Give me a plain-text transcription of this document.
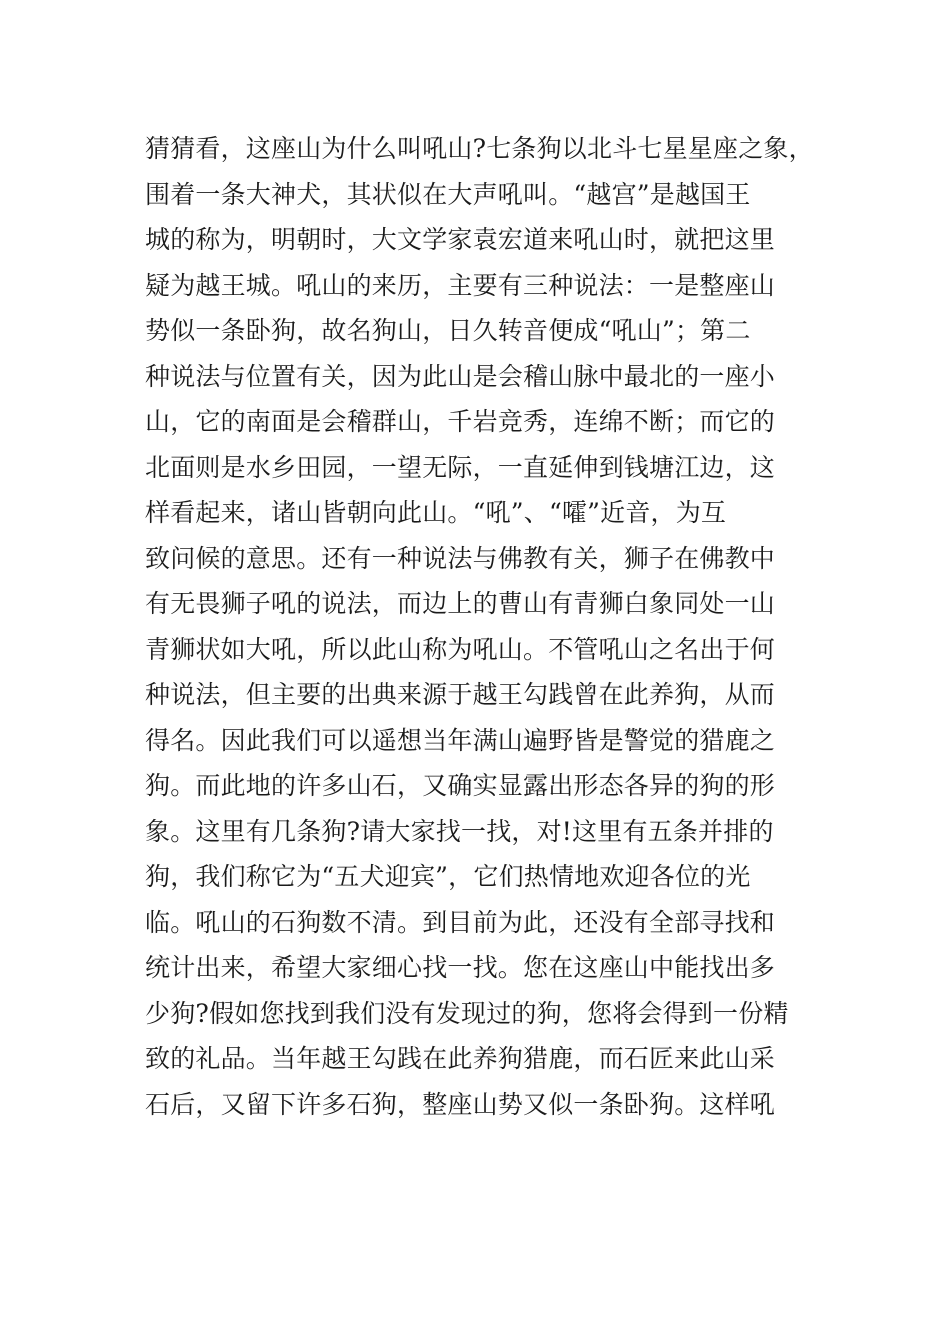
猜猜看，这座山为什么叫吼山?七条狗以北斗七星星座之象，
围着一条大神犬，其状似在大声吼叫。“越宫”是越国王
城的称为，明朝时，大文学家袁宏道来吼山时，就把这里
疑为越王城。吼山的来历，主要有三种说法：一是整座山
势似一条卧狗，故名狗山，日久转音便成“吼山”；第二
种说法与位置有关，因为此山是会稽山脉中最北的一座小
山，它的南面是会稽群山，千岩竞秀，连绵不断；而它的
北面则是水乡田园，一望无际，一直延伸到钱塘江边，这
样看起来，诸山皆朝向此山。“吼”、“嚯”近音，为互
致问候的意思。还有一种说法与佛教有关，狮子在佛教中
有无畏狮子吼的说法，而边上的曹山有青狮白象同处一山
青狮状如大吼，所以此山称为吼山。不管吼山之名出于何
种说法，但主要的出典来源于越王勾践曾在此养狗，从而
得名。因此我们可以遥想当年满山遍野皆是警觉的猎鹿之
狗。而此地的许多山石，又确实显露出形态各异的狗的形
象。这里有几条狗?请大家找一找，对!这里有五条并排的
狗，我们称它为“五犬迎宾”，它们热情地欢迎各位的光
临。吼山的石狗数不清。到目前为此，还没有全部寻找和
统计出来，希望大家细心找一找。您在这座山中能找出多
少狗?假如您找到我们没有发现过的狗，您将会得到一份精
致的礼品。当年越王勾践在此养狗猎鹿，而石匠来此山采
石后，又留下许多石狗，整座山势又似一条卧狗。这样吼
